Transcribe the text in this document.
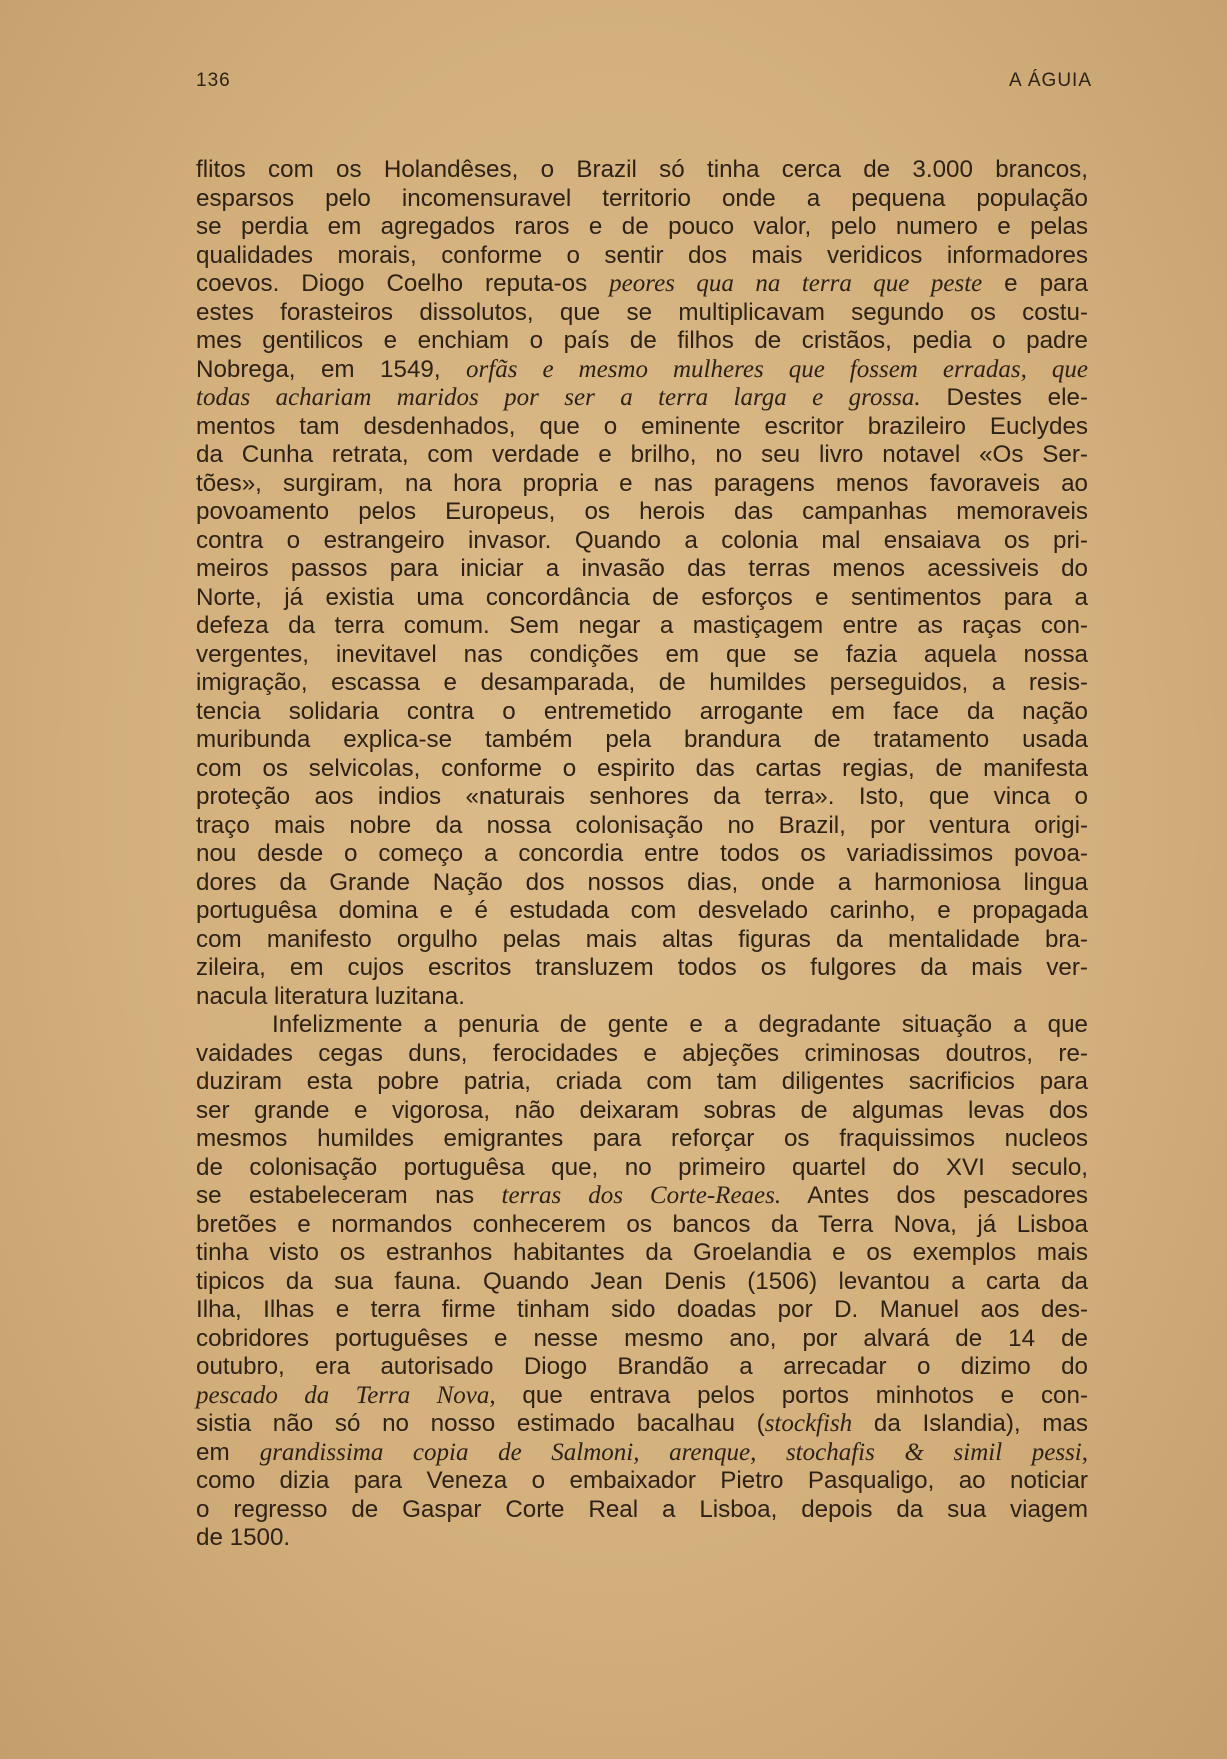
136	A ÁGUIA
flitos com os Holandêses, o Brazil só tinha cerca de 3.000 brancos,
esparsos pelo incomensuravel territorio onde a pequena população
se perdia em agregados raros e de pouco valor, pelo numero e pelas
qualidades morais, conforme o sentir dos mais veridicos informadores
coevos. Diogo Coelho reputa-os peores qua na terra que peste e para
estes forasteiros dissolutos, que se multiplicavam segundo os costu-
mes gentilicos e enchiam o país de filhos de cristãos, pedia o padre
Nobrega, em 1549, orfãs e mesmo mulheres que fossem erradas, que
todas achariam maridos por ser a terra larga e grossa. Destes ele-
mentos tam desdenhados, que o eminente escritor brazileiro Euclydes
da Cunha retrata, com verdade e brilho, no seu livro notavel «Os Ser-
tões», surgiram, na hora propria e nas paragens menos favoraveis ao
povoamento pelos Europeus, os herois das campanhas memoraveis
contra o estrangeiro invasor. Quando a colonia mal ensaiava os pri-
meiros passos para iniciar a invasão das terras menos acessiveis do
Norte, já existia uma concordância de esforços e sentimentos para a
defeza da terra comum. Sem negar a mastiçagem entre as raças con-
vergentes, inevitavel nas condições em que se fazia aquela nossa
imigração, escassa e desamparada, de humildes perseguidos, a resis-
tencia solidaria contra o entremetido arrogante em face da nação
muribunda explica-se também pela brandura de tratamento usada
com os selvicolas, conforme o espirito das cartas regias, de manifesta
proteção aos indios «naturais senhores da terra». Isto, que vinca o
traço mais nobre da nossa colonisação no Brazil, por ventura origi-
nou desde o começo a concordia entre todos os variadissimos povoa-
dores da Grande Nação dos nossos dias, onde a harmoniosa lingua
portuguêsa domina e é estudada com desvelado carinho, e propagada
com manifesto orgulho pelas mais altas figuras da mentalidade bra-
zileira, em cujos escritos transluzem todos os fulgores da mais ver-
nacula literatura luzitana.
Infelizmente a penuria de gente e a degradante situação a que
vaidades cegas duns, ferocidades e abjeções criminosas doutros, re-
duziram esta pobre patria, criada com tam diligentes sacrificios para
ser grande e vigorosa, não deixaram sobras de algumas levas dos
mesmos humildes emigrantes para reforçar os fraquissimos nucleos
de colonisação portuguêsa que, no primeiro quartel do XVI seculo,
se estabeleceram nas terras dos Corte-Reaes. Antes dos pescadores
bretões e normandos conhecerem os bancos da Terra Nova, já Lisboa
tinha visto os estranhos habitantes da Groelandia e os exemplos mais
tipicos da sua fauna. Quando Jean Denis (1506) levantou a carta da
Ilha, Ilhas e terra firme tinham sido doadas por D. Manuel aos des-
cobridores portuguêses e nesse mesmo ano, por alvará de 14 de
outubro, era autorisado Diogo Brandão a arrecadar o dizimo do
pescado da Terra Nova, que entrava pelos portos minhotos e con-
sistia não só no nosso estimado bacalhau (stockfish da Islandia), mas
em grandissima copia de Salmoni, arenque, stochafis & simil pessi,
como dizia para Veneza o embaixador Pietro Pasqualigo, ao noticiar
o regresso de Gaspar Corte Real a Lisboa, depois da sua viagem
de 1500.
